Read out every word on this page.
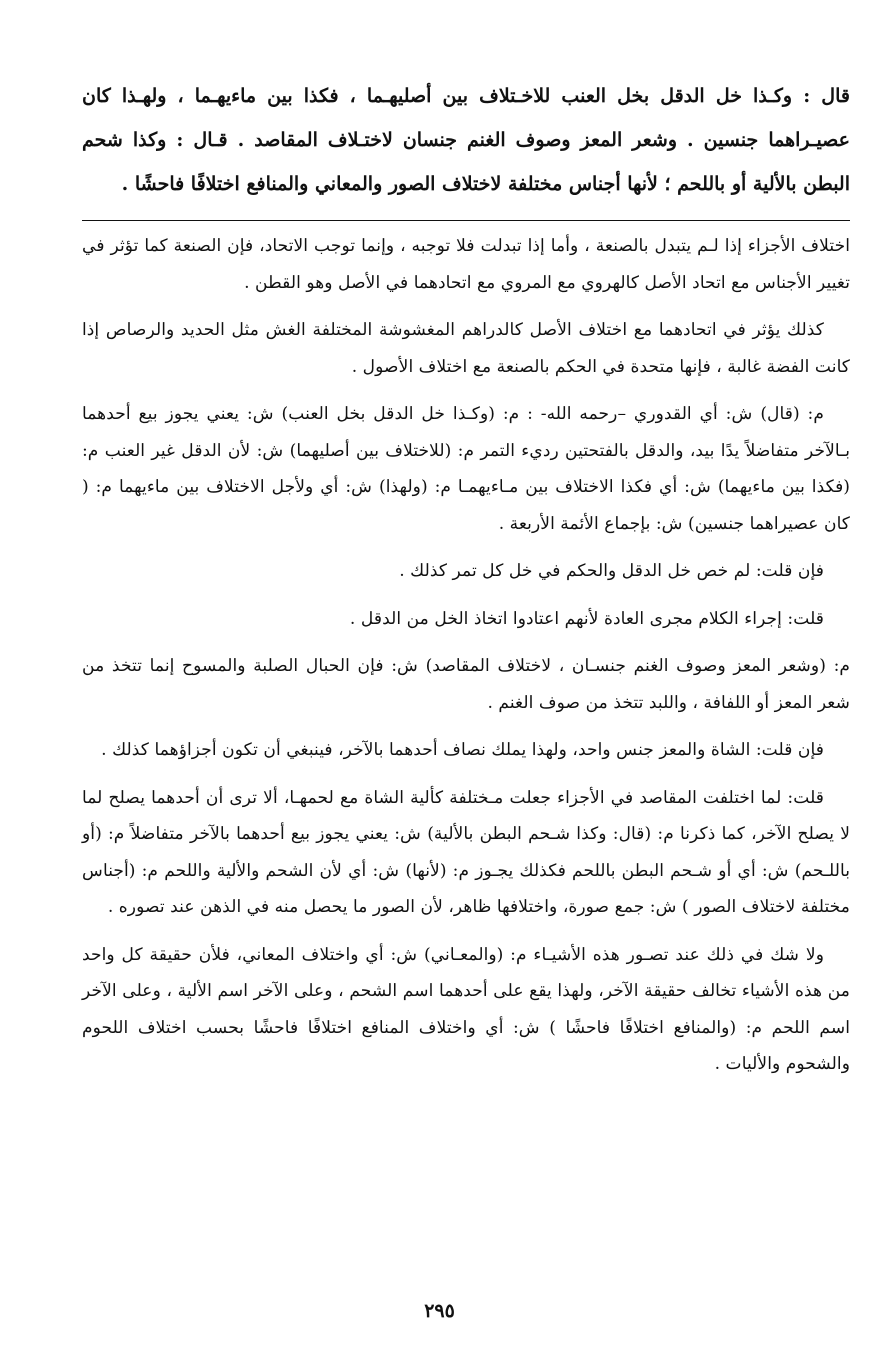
قال : وكـذا خل الدقل بخل العنب للاخـتلاف بين أصليهـما ، فكذا بين ماءيهـما ، ولهـذا كان عصيـراهما جنسين . وشعر المعز وصوف الغنم جنسان لاختـلاف المقاصد . قـال : وكذا شحم البطن بالألية أو باللحم ؛ لأنها أجناس مختلفة لاختلاف الصور والمعاني والمنافع اختلافًا فاحشًا .

اختلاف الأجزاء إذا لـم يتبدل بالصنعة ، وأما إذا تبدلت فلا توجبه ، وإنما توجب الاتحاد، فإن الصنعة كما تؤثر في تغيير الأجناس مع اتحاد الأصل كالهروي مع المروي مع اتحادهما في الأصل وهو القطن .

كذلك يؤثر في اتحادهما مع اختلاف الأصل كالدراهم المغشوشة المختلفة الغش مثل الحديد والرصاص إذا كانت الفضة غالبة ، فإنها متحدة في الحكم بالصنعة مع اختلاف الأصول .

م: (قال) ش: أي القدوري –رحمه الله- : م: (وكـذا خل الدقل بخل العنب) ش: يعني يجوز بيع أحدهما بـالآخر متفاضلاً يدًا بيد، والدقل بالفتحتين رديء التمر م: (للاختلاف بين أصليهما) ش: لأن الدقل غير العنب م: (فكذا بين ماءيهما) ش: أي فكذا الاختلاف بين مـاءيهمـا م: (ولهذا) ش: أي ولأجل الاختلاف بين ماءيهما م: ( كان عصيراهما جنسين) ش: بإجماع الأئمة الأربعة .

فإن قلت: لم خص خل الدقل والحكم في خل كل تمر كذلك .

قلت: إجراء الكلام مجرى العادة لأنهم اعتادوا اتخاذ الخل من الدقل .

م: (وشعر المعز وصوف الغنم جنسـان ، لاختلاف المقاصد) ش: فإن الحبال الصلبة والمسوح إنما تتخذ من شعر المعز أو اللفافة ، واللبد تتخذ من صوف الغنم .

فإن قلت: الشاة والمعز جنس واحد، ولهذا يملك نصاف أحدهما بالآخر، فينبغي أن تكون أجزاؤهما كذلك .

قلت: لما اختلفت المقاصد في الأجزاء جعلت مـختلفة كألية الشاة مع لحمهـا، ألا ترى أن أحدهما يصلح لما لا يصلح الآخر، كما ذكرنا م: (قال: وكذا شـحم البطن بالألية) ش: يعني يجوز بيع أحدهما بالآخر متفاضلاً م: (أو باللـحم) ش: أي أو شـحم البطن باللحم فكذلك يجـوز م: (لأنها) ش: أي لأن الشحم والألية واللحم م: (أجناس مختلفة لاختلاف الصور ) ش: جمع صورة، واختلافها ظاهر، لأن الصور ما يحصل منه في الذهن عند تصوره .

ولا شك في ذلك عند تصـور هذه الأشيـاء م: (والمعـاني) ش: أي واختلاف المعاني، فلأن حقيقة كل واحد من هذه الأشياء تخالف حقيقة الآخر، ولهذا يقع على أحدهما اسم الشحم ، وعلى الآخر اسم الألية ، وعلى الآخر اسم اللحم م: (والمنافع اختلافًا فاحشًا ) ش: أي واختلاف المنافع اختلافًا فاحشًا بحسب اختلاف اللحوم والشحوم والأليات .

٢٩٥
